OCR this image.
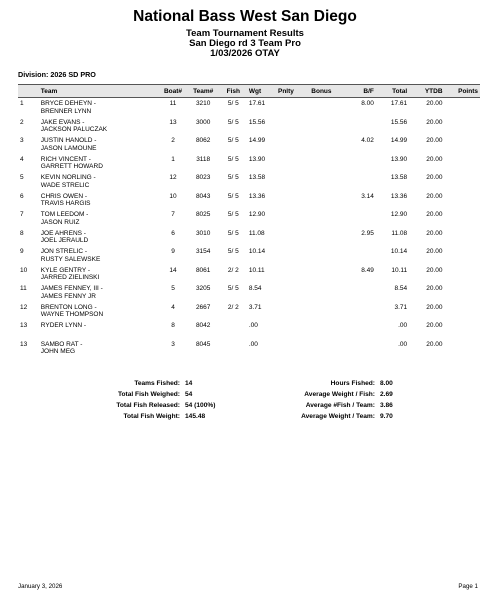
National Bass West San Diego
Team Tournament Results
San Diego rd 3 Team Pro
1/03/2026 OTAY
Division: 2026 SD PRO
	Team	Boat#	Team#	Fish	Wgt	Pnlty	Bonus	B/F	Total	YTDB	Points
1	BRYCE DEHEYN -
BRENNER LYNN	11	3210	5/ 5	17.61			8.00	17.61	20.00	
2	JAKE EVANS -
JACKSON PALUCZAK	13	3000	5/ 5	15.56				15.56	20.00	
3	JUSTIN HANOLD -
JASON LAMOUNE	2	8062	5/ 5	14.99			4.02	14.99	20.00	
4	RICH VINCENT -
GARRETT HOWARD	1	3118	5/ 5	13.90				13.90	20.00	
5	KEVIN NORLING -
WADE STRELIC	12	8023	5/ 5	13.58				13.58	20.00	
6	CHRIS OWEN -
TRAVIS HARGIS	10	8043	5/ 5	13.36			3.14	13.36	20.00	
7	TOM LEEDOM -
JASON RUIZ	7	8025	5/ 5	12.90				12.90	20.00	
8	JOE AHRENS -
JOEL JERAULD	6	3010	5/ 5	11.08			2.95	11.08	20.00	
9	JON STRELIC -
RUSTY SALEWSKE	9	3154	5/ 5	10.14				10.14	20.00	
10	KYLE GENTRY -
JARRED ZIELINSKI	14	8061	2/ 2	10.11			8.49	10.11	20.00	
11	JAMES FENNEY, III -
JAMES FENNY JR	5	3205	5/ 5	8.54				8.54	20.00	
12	BRENTON LONG -
WAYNE THOMPSON	4	2667	2/ 2	3.71				3.71	20.00	
13	RYDER LYNN -	8	8042		.00				.00	20.00	
13	SAMBO RAT -
JOHN MEG	3	8045		.00				.00	20.00	
Teams Fished: 14
Total Fish Weighed: 54
Total Fish Released: 54 (100%)
Total Fish Weight: 145.48
Hours Fished: 8.00
Average Weight / Fish: 2.69
Average #Fish / Team: 3.86
Average Weight / Team: 9.70
January 3, 2026	Page 1
